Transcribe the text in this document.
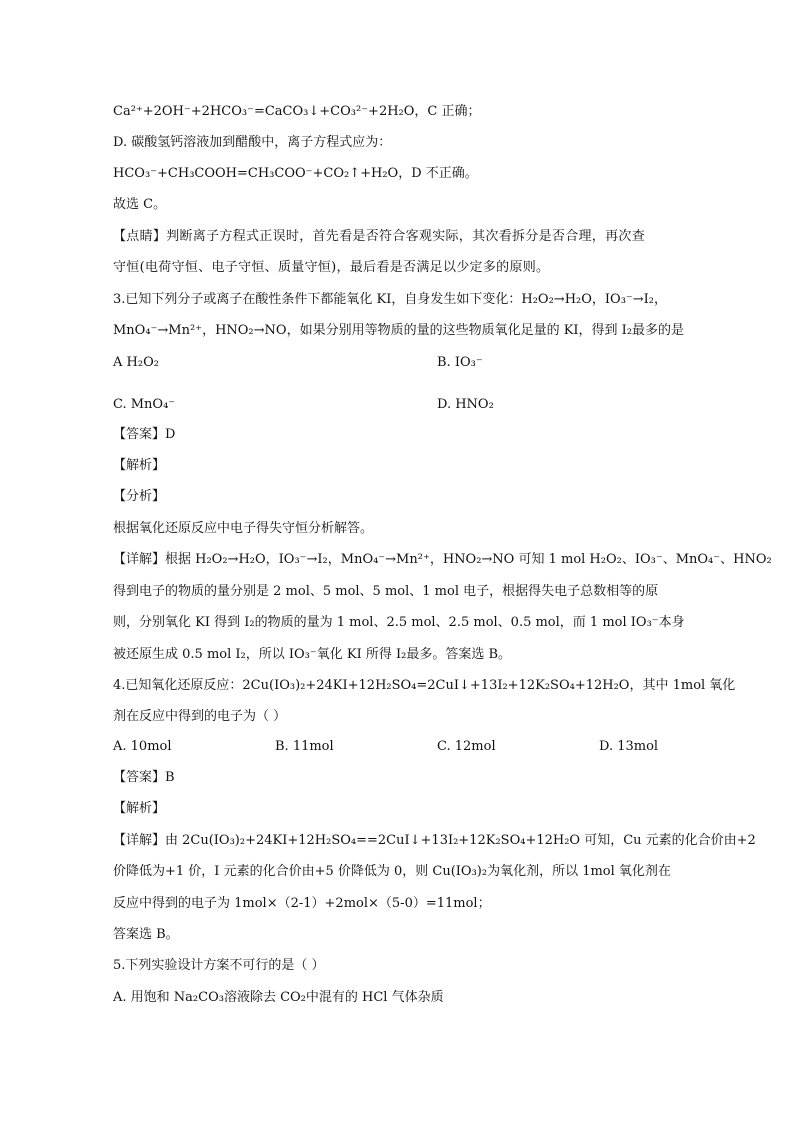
Ca²⁺+2OH⁻+2HCO₃⁻=CaCO₃↓+CO₃²⁻+2H₂O，C 正确；
D. 碳酸氢钙溶液加到醋酸中，离子方程式应为：
HCO₃⁻+CH₃COOH=CH₃COO⁻+CO₂↑+H₂O，D 不正确。
故选 C。
【点睛】判断离子方程式正误时，首先看是否符合客观实际，其次看拆分是否合理，再次查
守恒(电荷守恒、电子守恒、质量守恒)，最后看是否满足以少定多的原则。
3.已知下列分子或离子在酸性条件下都能氧化 KI，自身发生如下变化：H₂O₂→H₂O，IO₃⁻→I₂，
MnO₄⁻→Mn²⁺，HNO₂→NO，如果分别用等物质的量的这些物质氧化足量的 KI，得到 I₂最多的是
A H₂O₂	B. IO₃⁻
C. MnO₄⁻	D. HNO₂
【答案】D
【解析】
【分析】
根据氧化还原反应中电子得失守恒分析解答。
【详解】根据 H₂O₂→H₂O，IO₃⁻→I₂，MnO₄⁻→Mn²⁺，HNO₂→NO 可知 1 mol H₂O₂、IO₃⁻、MnO₄⁻、HNO₂
得到电子的物质的量分别是 2 mol、5 mol、5 mol、1 mol 电子，根据得失电子总数相等的原
则，分别氧化 KI 得到 I₂的物质的量为 1 mol、2.5 mol、2.5 mol、0.5 mol，而 1 mol IO₃⁻本身
被还原生成 0.5 mol I₂，所以 IO₃⁻氧化 KI 所得 I₂最多。答案选 B。
4.已知氧化还原反应：2Cu(IO₃)₂+24KI+12H₂SO₄=2CuI↓+13I₂+12K₂SO₄+12H₂O，其中 1mol 氧化
剂在反应中得到的电子为（ ）
A. 10mol	B. 11mol	C. 12mol	D. 13mol
【答案】B
【解析】
【详解】由 2Cu(IO₃)₂+24KI+12H₂SO₄==2CuI↓+13I₂+12K₂SO₄+12H₂O 可知，Cu 元素的化合价由+2
价降低为+1 价，I 元素的化合价由+5 价降低为 0，则 Cu(IO₃)₂为氧化剂，所以 1mol 氧化剂在
反应中得到的电子为 1mol×（2-1）+2mol×（5-0）=11mol；
答案选 B。
5.下列实验设计方案不可行的是（ ）
A. 用饱和 Na₂CO₃溶液除去 CO₂中混有的 HCl 气体杂质
